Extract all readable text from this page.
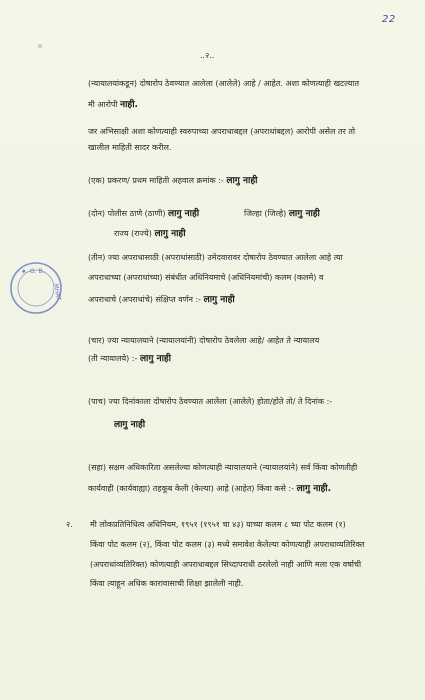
22
..२..
(न्यायालयांकडून) दोषारोप ठेवण्यात आलेला (आलेले) आहे / आहेत. अशा कोणत्याही खटल्यात
मी आरोपी नाही.
जर अभिसाक्षी अशा कोणत्याही स्वरुपाच्या अपराधाबद्दल (अपराधांबद्दल) आरोपी असेल तर तो
खालील माहिती सादर करील.
(एक) प्रकरण/ प्रथम माहिती अहवाल क्रमांक :- लागु नाही
(दोन) पोलीस ठाणे (ठाणी) लागु नाही	जिल्हा (जिल्हे) लागु नाही
राज्य (राज्ये) लागु नाही
(तीन) ज्या अपराधासाठी (अपराधांसाठी) उमेदवारावर दोषारोप ठेवण्यात आलेला आहे त्या
अपराधाच्या (अपराधांच्या) संबंधीत अधिनियमाचे (अधिनियमांची) कलम (कलमे) व
अपराधाचे (अपराधांचे) संक्षिप्त वर्णन :- लागु नाही
(चार) ज्या न्यायालयाने (न्यायालयांनी) दोषारोप ठेवलेला आहे/ आहेत ते न्यायालय
(ती न्यायालये) :- लागु नाही
(पाच) ज्या दिनांकाला दोषारोप ठेवण्यात आलेला (आलेले) होता/होते तो/ ते दिनांक :-
लागु नाही
(सहा) सक्षम अधिकारिता असलेल्या कोणत्याही न्यायालयाने (न्यायालयांने) सर्व किंवा कोणतीही
कार्यवाही (कार्यवाह्या) तहकूब केली (केल्या) आहे (आहेत) किंवा कसे :- लागु नाही.
२. मी लोकप्रतिनिधित्व अधिनियम, १९५१ (१९५१ चा ४३) याच्या कलम ८ च्या पोट कलम (१)
किंवा पोट कलम (२), किंवा पोट कलम (३) मध्ये समावेश केलेल्या कोणत्याही अपराधाव्यतिरिक्त
(अपराधांव्यतिरिक्त) कोणत्याही अपराधाबद्दल सिध्दापराधी ठरलेलो नाही आणि मला एक वर्षाची
किंवा त्याहून अधिक कारावासाची शिक्षा झालेली नाही.
★ G. B.
MHAT
